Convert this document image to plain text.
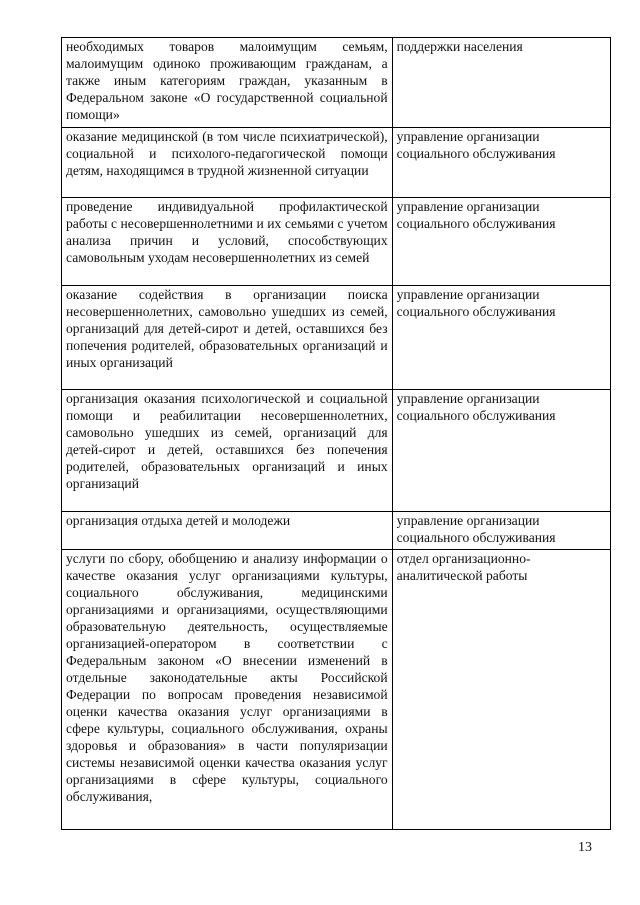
необходимых товаров малоимущим семьям, малоимущим одиноко проживающим гражданам, а также иным категориям граждан, указанным в Федеральном законе «О государственной социальной помощи»	поддержки населения
оказание медицинской (в том числе психиатрической), социальной и психолого-педагогической помощи детям, находящимся в трудной жизненной ситуации	управление организации социального обслуживания
проведение индивидуальной профилактической работы с несовершеннолетними и их семьями с учетом анализа причин и условий, способствующих самовольным уходам несовершеннолетних из семей	управление организации социального обслуживания
оказание содействия в организации поиска несовершеннолетних, самовольно ушедших из семей, организаций для детей-сирот и детей, оставшихся без попечения родителей, образовательных организаций и иных организаций	управление организации социального обслуживания
организация оказания психологической и социальной помощи и реабилитации несовершеннолетних, самовольно ушедших из семей, организаций для детей-сирот и детей, оставшихся без попечения родителей, образовательных организаций и иных организаций	управление организации социального обслуживания
организация отдыха детей и молодежи	управление организации социального обслуживания
услуги по сбору, обобщению и анализу информации о качестве оказания услуг организациями культуры, социального обслуживания, медицинскими организациями и организациями, осуществляющими образовательную деятельность, осуществляемые организацией-оператором в соответствии с Федеральным законом «О внесении изменений в отдельные законодательные акты Российской Федерации по вопросам проведения независимой оценки качества оказания услуг организациями в сфере культуры, социального обслуживания, охраны здоровья и образования» в части популяризации системы независимой оценки качества оказания услуг организациями в сфере культуры, социального обслуживания,	отдел организационно-аналитической работы
13
